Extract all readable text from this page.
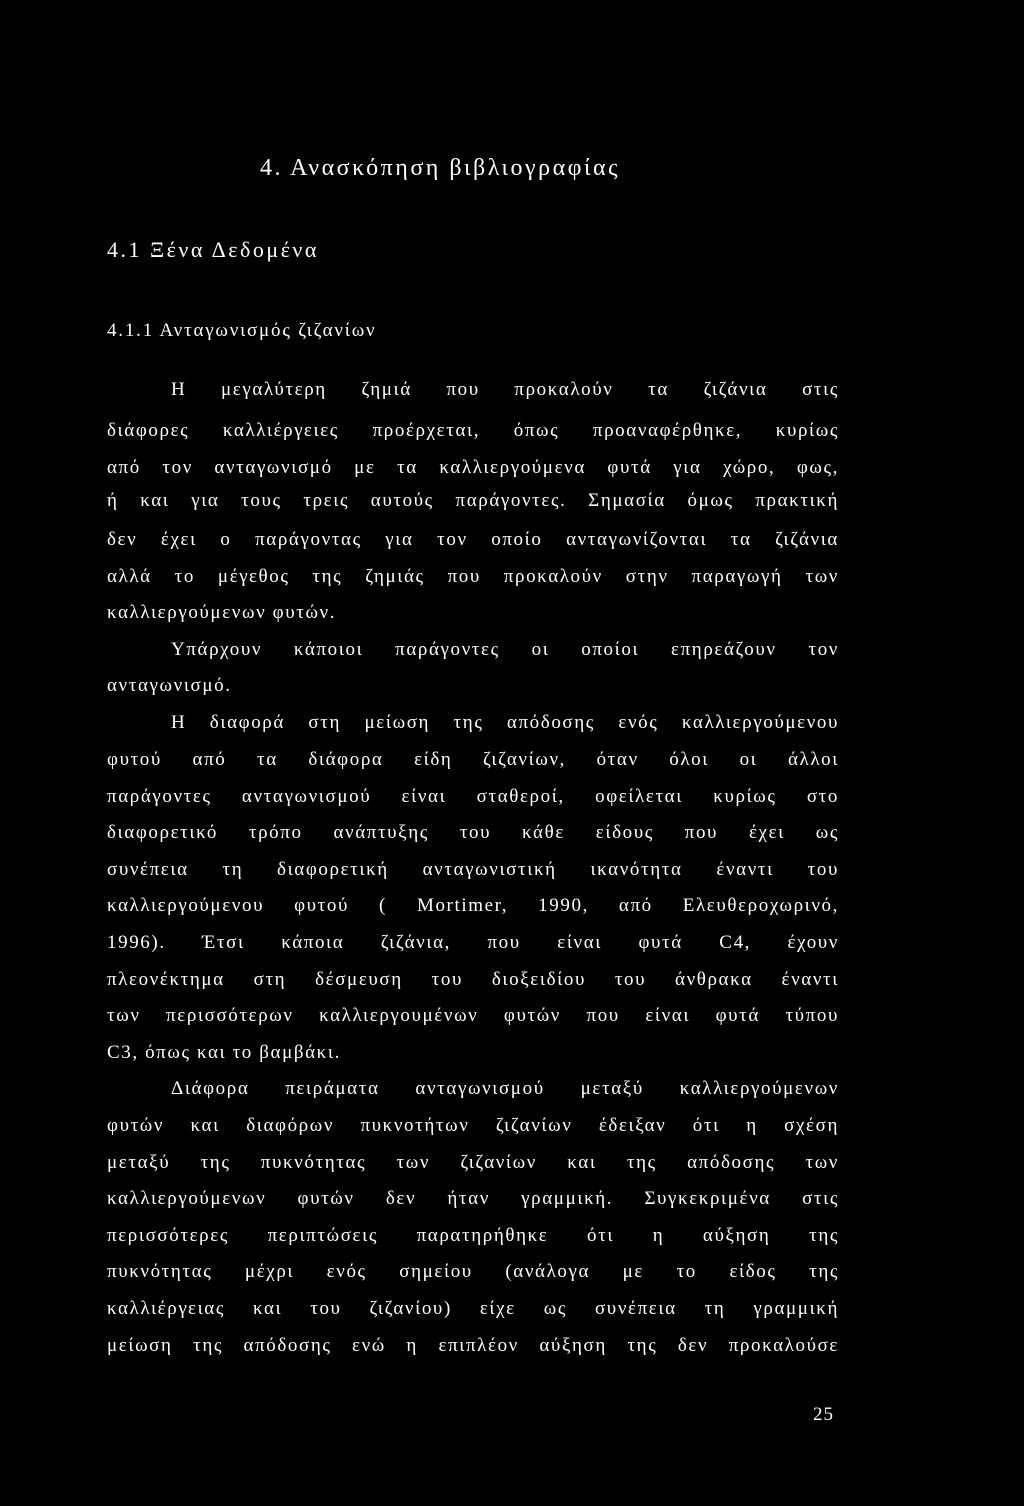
4. Ανασκόπηση βιβλιογραφίας
4.1 Ξένα Δεδομένα
4.1.1 Ανταγωνισμός ζιζανίων
Η μεγαλύτερη ζημιά που προκαλούν τα ζιζάνια στις
διάφορες καλλιέργειες προέρχεται, όπως προαναφέρθηκε, κυρίως
από τον ανταγωνισμό με τα καλλιεργούμενα φυτά για χώρο, φως,
ή και για τους τρεις αυτούς παράγοντες. Σημασία όμως πρακτική
δεν έχει ο παράγοντας για τον οποίο ανταγωνίζονται τα ζιζάνια
αλλά το μέγεθος της ζημιάς που προκαλούν στην παραγωγή των
καλλιεργούμενων φυτών.
Υπάρχουν κάποιοι παράγοντες οι οποίοι επηρεάζουν τον
ανταγωνισμό.
Η διαφορά στη μείωση της απόδοσης ενός καλλιεργούμενου
φυτού από τα διάφορα είδη ζιζανίων, όταν όλοι οι άλλοι
παράγοντες ανταγωνισμού είναι σταθεροί, οφείλεται κυρίως στο
διαφορετικό τρόπο ανάπτυξης του κάθε είδους που έχει ως
συνέπεια τη διαφορετική ανταγωνιστική ικανότητα έναντι του
καλλιεργούμενου φυτού ( Mortimer, 1990, από Ελευθεροχωρινό,
1996). Έτσι κάποια ζιζάνια, που είναι φυτά C4, έχουν
πλεονέκτημα στη δέσμευση του διοξειδίου του άνθρακα έναντι
των περισσότερων καλλιεργουμένων φυτών που είναι φυτά τύπου
C3, όπως και το βαμβάκι.
Διάφορα πειράματα ανταγωνισμού μεταξύ καλλιεργούμενων
φυτών και διαφόρων πυκνοτήτων ζιζανίων έδειξαν ότι η σχέση
μεταξύ της πυκνότητας των ζιζανίων και της απόδοσης των
καλλιεργούμενων φυτών δεν ήταν γραμμική. Συγκεκριμένα στις
περισσότερες περιπτώσεις παρατηρήθηκε ότι η αύξηση της
πυκνότητας μέχρι ενός σημείου (ανάλογα με το είδος της
καλλιέργειας και του ζιζανίου) είχε ως συνέπεια τη γραμμική
μείωση της απόδοσης ενώ η επιπλέον αύξηση της δεν προκαλούσε
25
